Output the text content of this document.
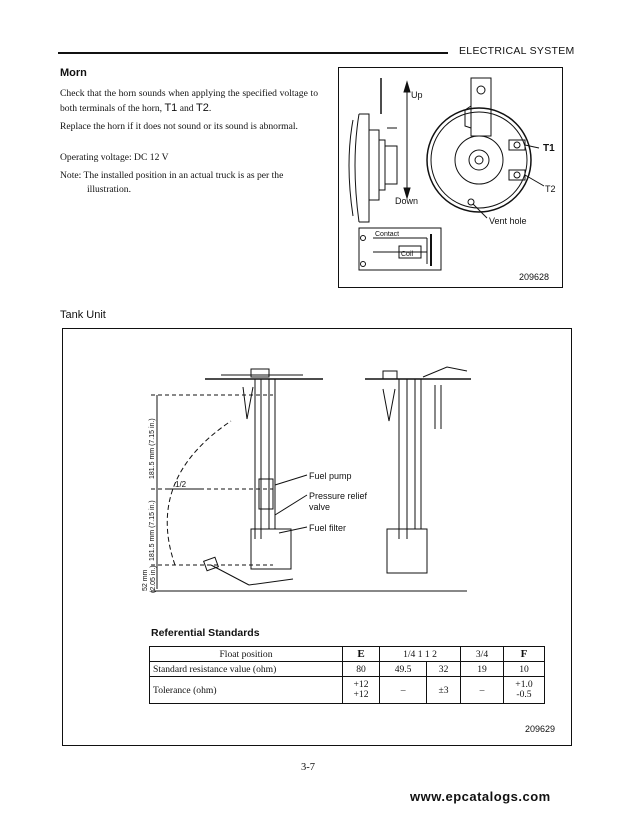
ELECTRICAL SYSTEM
Morn
Check that the horn sounds when applying the specified voltage to both terminals of the horn, T1 and T2.
Replace the horn if it does not sound or its sound is abnormal.
Operating voltage: DC 12 V
Note: The installed position in an actual truck is as per the
illustration.
Up
Down
T1
T2
Vent hole
Contact
Coil
209628
Tank Unit
Fuel pump
Pressure relief
valve
Fuel filter
1/2
181.5 mm (7.15 in.)
181.5 mm (7.15 in.)
52 mm (2.05 in.)
Referential Standards
Float position	E	1/4 1 1 2		3/4	F
Standard resistance value (ohm)	80	49.5	32	19	10
Tolerance (ohm)	+12
+12	–	±3	–	+1.0
-0.5
209629
3-7
www.epcatalogs.com
